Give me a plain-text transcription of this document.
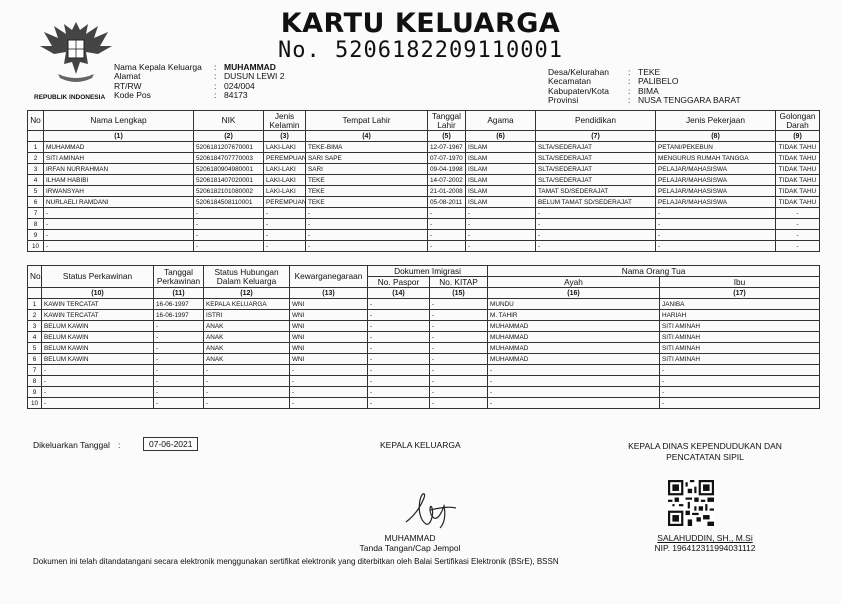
KARTU KELUARGA
No. 5206182209110001
REPUBLIK INDONESIA
Nama Kepala Keluarga	: MUHAMMAD
Alamat	: DUSUN LEWI 2
RT/RW	: 024/004
Kode Pos	: 84173
Desa/Kelurahan	: TEKE
Kecamatan	: PALIBELO
Kabupaten/Kota	: BIMA
Provinsi	: NUSA TENGGARA BARAT
No	Nama Lengkap	NIK	Jenis Kelamin	Tempat Lahir	Tanggal Lahir	Agama	Pendidikan	Jenis Pekerjaan	Golongan Darah
	(1)	(2)	(3)	(4)	(5)	(6)	(7)	(8)	(9)
1	MUHAMMAD	5206181207670001	LAKI-LAKI	TEKE-BIMA	12-07-1967	ISLAM	SLTA/SEDERAJAT	PETANI/PEKEBUN	TIDAK TAHU
2	SITI AMINAH	5206184707770003	PEREMPUAN	SARI SAPE	07-07-1970	ISLAM	SLTA/SEDERAJAT	MENGURUS RUMAH TANGGA	TIDAK TAHU
3	IRFAN NURRAHMAN	5206180904980001	LAKI-LAKI	SARI	09-04-1998	ISLAM	SLTA/SEDERAJAT	PELAJAR/MAHASISWA	TIDAK TAHU
4	ILHAM HABIBI	5206181407020001	LAKI-LAKI	TEKE	14-07-2002	ISLAM	SLTA/SEDERAJAT	PELAJAR/MAHASISWA	TIDAK TAHU
5	IRWANSYAH	5206182101080002	LAKI-LAKI	TEKE	21-01-2008	ISLAM	TAMAT SD/SEDERAJAT	PELAJAR/MAHASISWA	TIDAK TAHU
6	NURLAELI RAMDANI	5206184508110001	PEREMPUAN	TEKE	05-08-2011	ISLAM	BELUM TAMAT SD/SEDERAJAT	PELAJAR/MAHASISWA	TIDAK TAHU
7	-	-	-	-	-	-	-	-	-
8	-	-	-	-	-	-	-	-	-
9	-	-	-	-	-	-	-	-	-
10	-	-	-	-	-	-	-	-	-
No.	Status Perkawinan	Tanggal Perkawinan	Status Hubungan Dalam Keluarga	Kewarganegaraan	Dokumen Imigrasi		Nama Orang Tua	
					No. Paspor	No. KITAP	Ayah	Ibu
	(10)	(11)	(12)	(13)	(14)	(15)	(16)	(17)
1	KAWIN TERCATAT	16-06-1997	KEPALA KELUARGA	WNI	-	-	MUNDU	JANIBA
2	KAWIN TERCATAT	16-06-1997	ISTRI	WNI	-	-	M. TAHIR	HARIAH
3	BELUM KAWIN	-	ANAK	WNI	-	-	MUHAMMAD	SITI AMINAH
4	BELUM KAWIN	-	ANAK	WNI	-	-	MUHAMMAD	SITI AMINAH
5	BELUM KAWIN	-	ANAK	WNI	-	-	MUHAMMAD	SITI AMINAH
6	BELUM KAWIN	-	ANAK	WNI	-	-	MUHAMMAD	SITI AMINAH
7	-	-	-	-	-	-	-	-
8	-	-	-	-	-	-	-	-
9	-	-	-	-	-	-	-	-
10	-	-	-	-	-	-	-	-
Dikeluarkan Tanggal :	07-06-2021	KEPALA KELUARGA	KEPALA DINAS KEPENDUDUKAN DAN
PENCATATAN SIPIL
MUHAMMAD
Tanda Tangan/Cap Jempol
SALAHUDDIN, SH., M.Si
NIP. 196412311994031112
Dokumen ini telah ditandatangani secara elektronik menggunakan sertifikat elektronik yang diterbitkan oleh Balai Sertifikasi Elektronik (BSrE), BSSN
